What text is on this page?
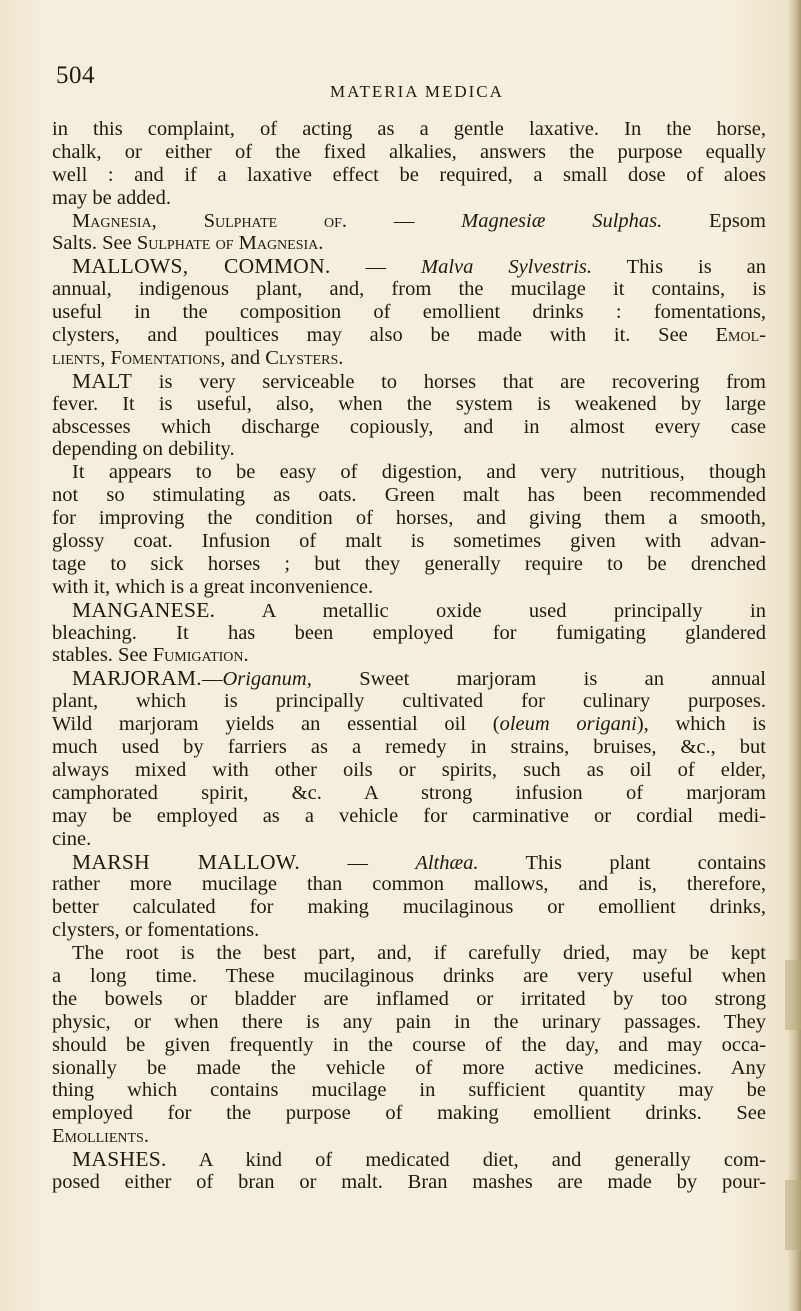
504
MATERIA MEDICA
in this complaint, of acting as a gentle laxative. In the horse,
chalk, or either of the fixed alkalies, answers the purpose equally
well : and if a laxative effect be required, a small dose of aloes
may be added.
Magnesia, Sulphate of. — Magnesiæ Sulphas. Epsom
Salts. See Sulphate of Magnesia.
MALLOWS, COMMON. — Malva Sylvestris. This is an
annual, indigenous plant, and, from the mucilage it contains, is
useful in the composition of emollient drinks : fomentations,
clysters, and poultices may also be made with it. See Emol-
lients, Fomentations, and Clysters.
MALT is very serviceable to horses that are recovering from
fever. It is useful, also, when the system is weakened by large
abscesses which discharge copiously, and in almost every case
depending on debility.
It appears to be easy of digestion, and very nutritious, though
not so stimulating as oats. Green malt has been recommended
for improving the condition of horses, and giving them a smooth,
glossy coat. Infusion of malt is sometimes given with advan-
tage to sick horses ; but they generally require to be drenched
with it, which is a great inconvenience.
MANGANESE. A metallic oxide used principally in
bleaching. It has been employed for fumigating glandered
stables. See Fumigation.
MARJORAM.—Origanum, Sweet marjoram is an annual
plant, which is principally cultivated for culinary purposes.
Wild marjoram yields an essential oil (oleum origani), which is
much used by farriers as a remedy in strains, bruises, &c., but
always mixed with other oils or spirits, such as oil of elder,
camphorated spirit, &c. A strong infusion of marjoram
may be employed as a vehicle for carminative or cordial medi-
cine.
MARSH MALLOW. — Althæa. This plant contains
rather more mucilage than common mallows, and is, therefore,
better calculated for making mucilaginous or emollient drinks,
clysters, or fomentations.
The root is the best part, and, if carefully dried, may be kept
a long time. These mucilaginous drinks are very useful when
the bowels or bladder are inflamed or irritated by too strong
physic, or when there is any pain in the urinary passages. They
should be given frequently in the course of the day, and may occa-
sionally be made the vehicle of more active medicines. Any
thing which contains mucilage in sufficient quantity may be
employed for the purpose of making emollient drinks. See
Emollients.
MASHES. A kind of medicated diet, and generally com-
posed either of bran or malt. Bran mashes are made by pour-
